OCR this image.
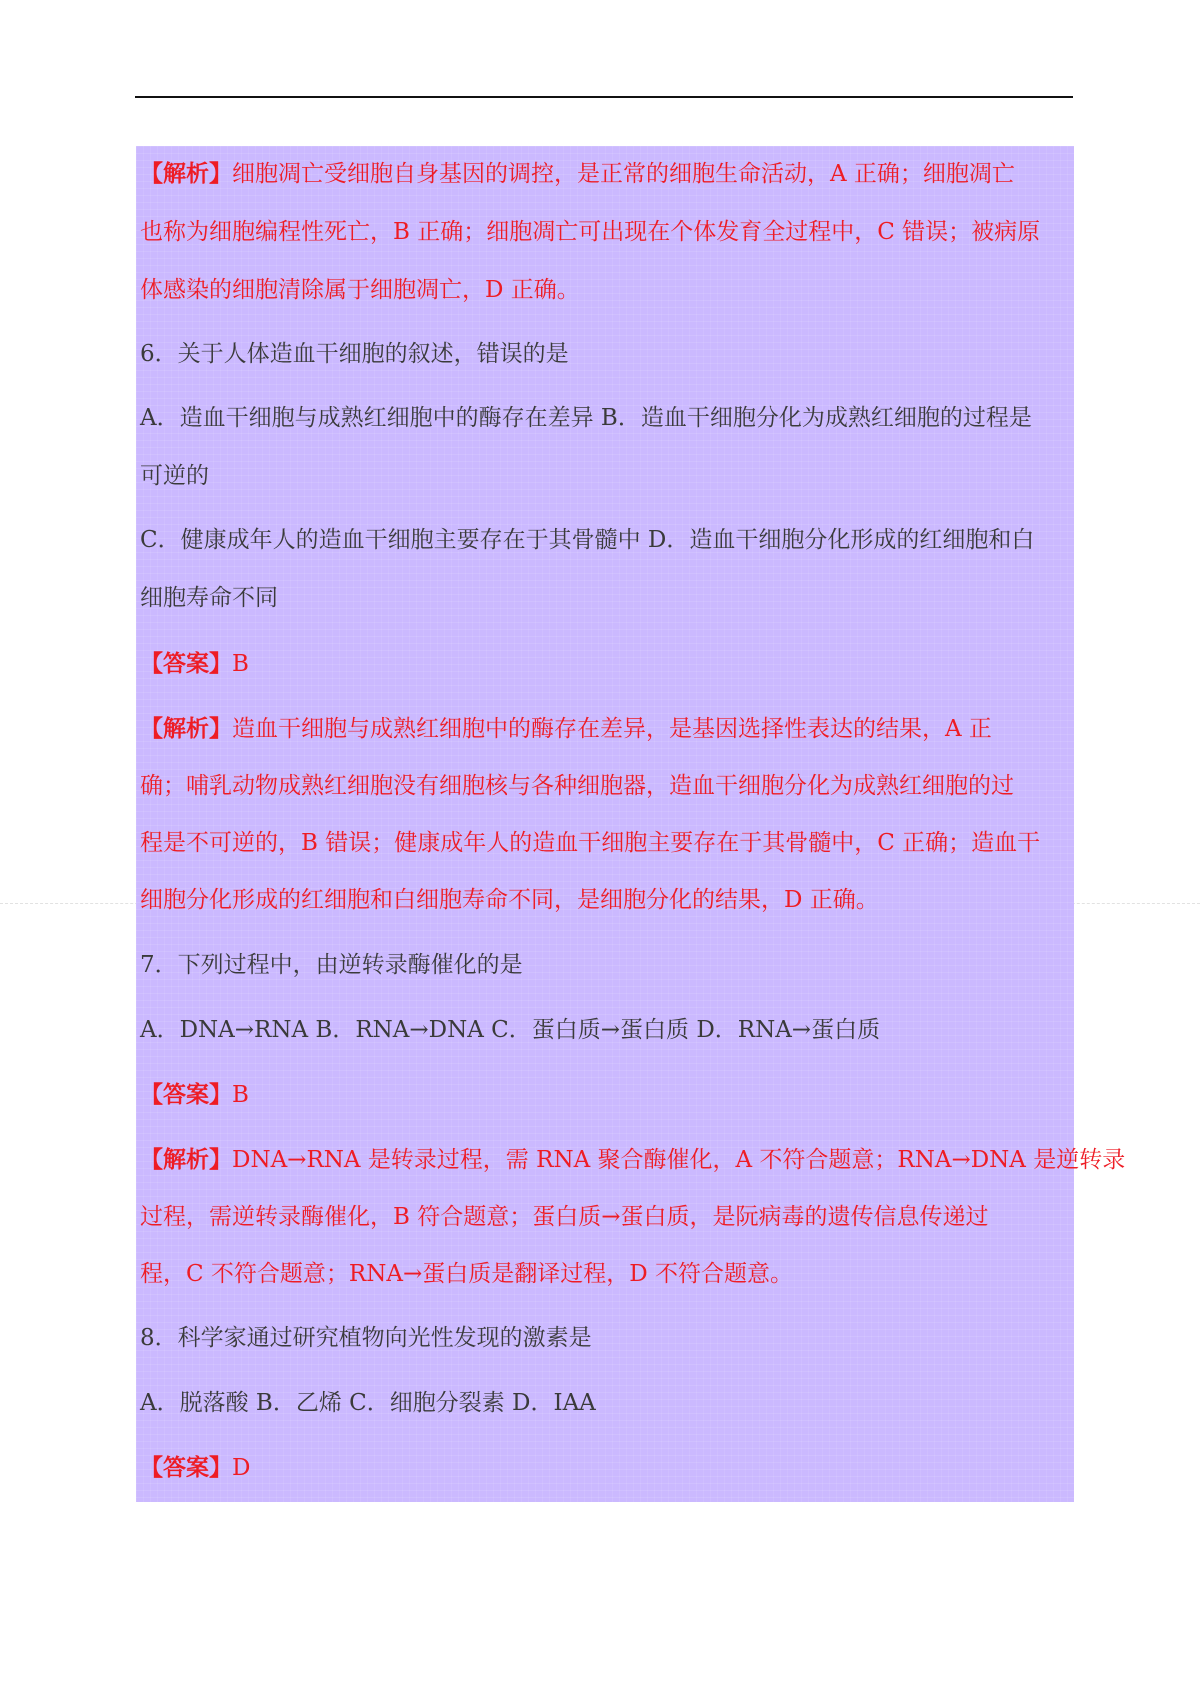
【解析】细胞凋亡受细胞自身基因的调控，是正常的细胞生命活动，A 正确；细胞凋亡
也称为细胞编程性死亡，B 正确；细胞凋亡可出现在个体发育全过程中，C 错误；被病原
体感染的细胞清除属于细胞凋亡，D 正确。
6．关于人体造血干细胞的叙述，错误的是
A．造血干细胞与成熟红细胞中的酶存在差异 B．造血干细胞分化为成熟红细胞的过程是
可逆的
C．健康成年人的造血干细胞主要存在于其骨髓中 D．造血干细胞分化形成的红细胞和白
细胞寿命不同
【答案】B
【解析】造血干细胞与成熟红细胞中的酶存在差异，是基因选择性表达的结果，A 正
确；哺乳动物成熟红细胞没有细胞核与各种细胞器，造血干细胞分化为成熟红细胞的过
程是不可逆的，B 错误；健康成年人的造血干细胞主要存在于其骨髓中，C 正确；造血干
细胞分化形成的红细胞和白细胞寿命不同，是细胞分化的结果，D 正确。
7．下列过程中，由逆转录酶催化的是
A．DNA→RNA B．RNA→DNA C．蛋白质→蛋白质 D．RNA→蛋白质
【答案】B
【解析】DNA→RNA 是转录过程，需 RNA 聚合酶催化，A 不符合题意；RNA→DNA 是逆转录
过程，需逆转录酶催化，B 符合题意；蛋白质→蛋白质，是阮病毒的遗传信息传递过
程，C 不符合题意；RNA→蛋白质是翻译过程，D 不符合题意。
8．科学家通过研究植物向光性发现的激素是
A．脱落酸 B．乙烯 C．细胞分裂素 D．IAA
【答案】D
